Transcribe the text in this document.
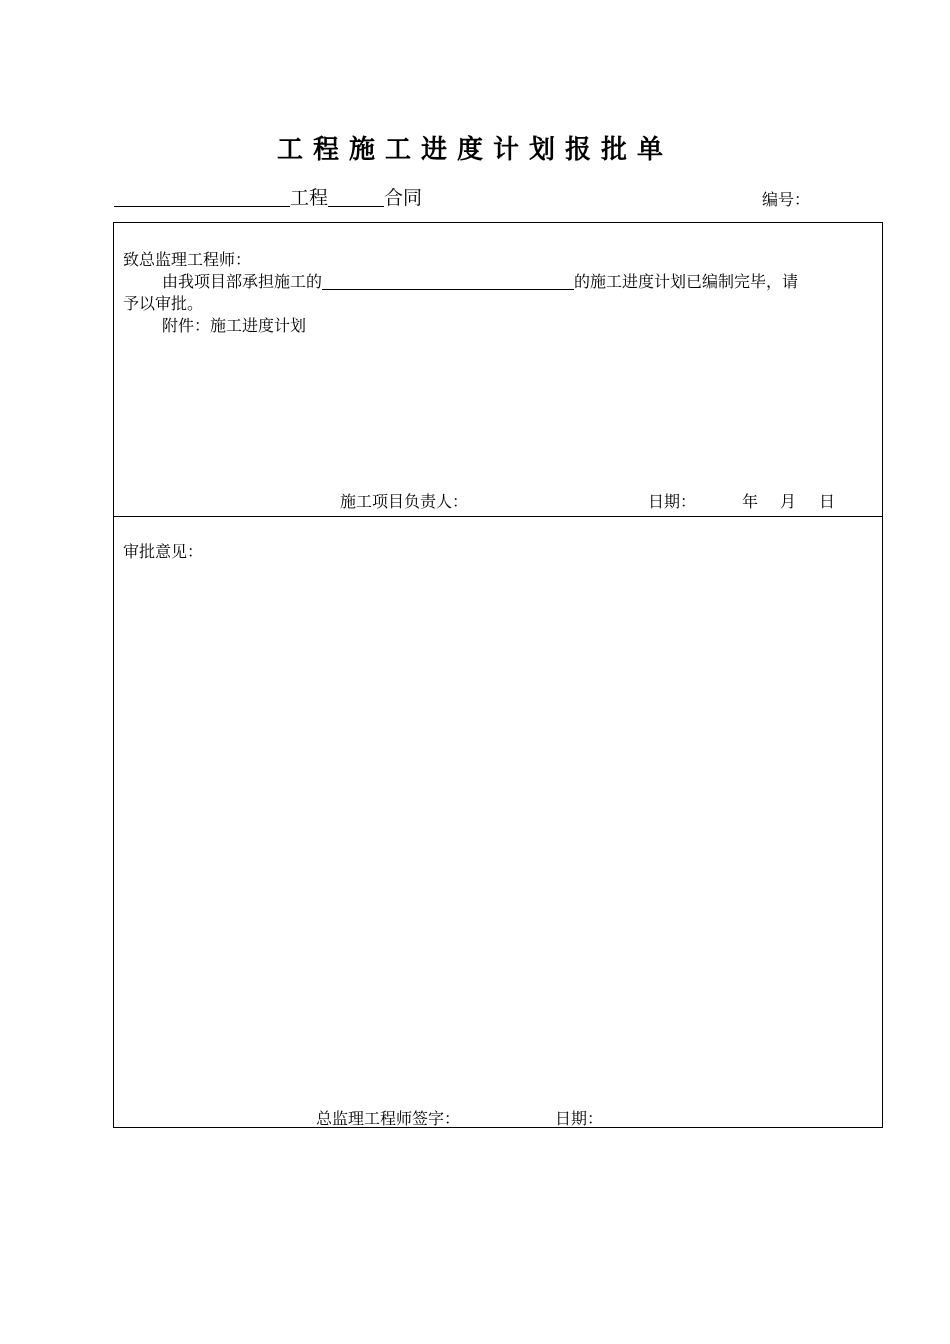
工程施工进度计划报批单
工程	合同	编号：
致总监理工程师：
由我项目部承担施工的	的施工进度计划已编制完毕，请
予以审批。
附件：施工进度计划
施工项目负责人：	日期：	年 月 日
审批意见：
总监理工程师签字：	日期：
